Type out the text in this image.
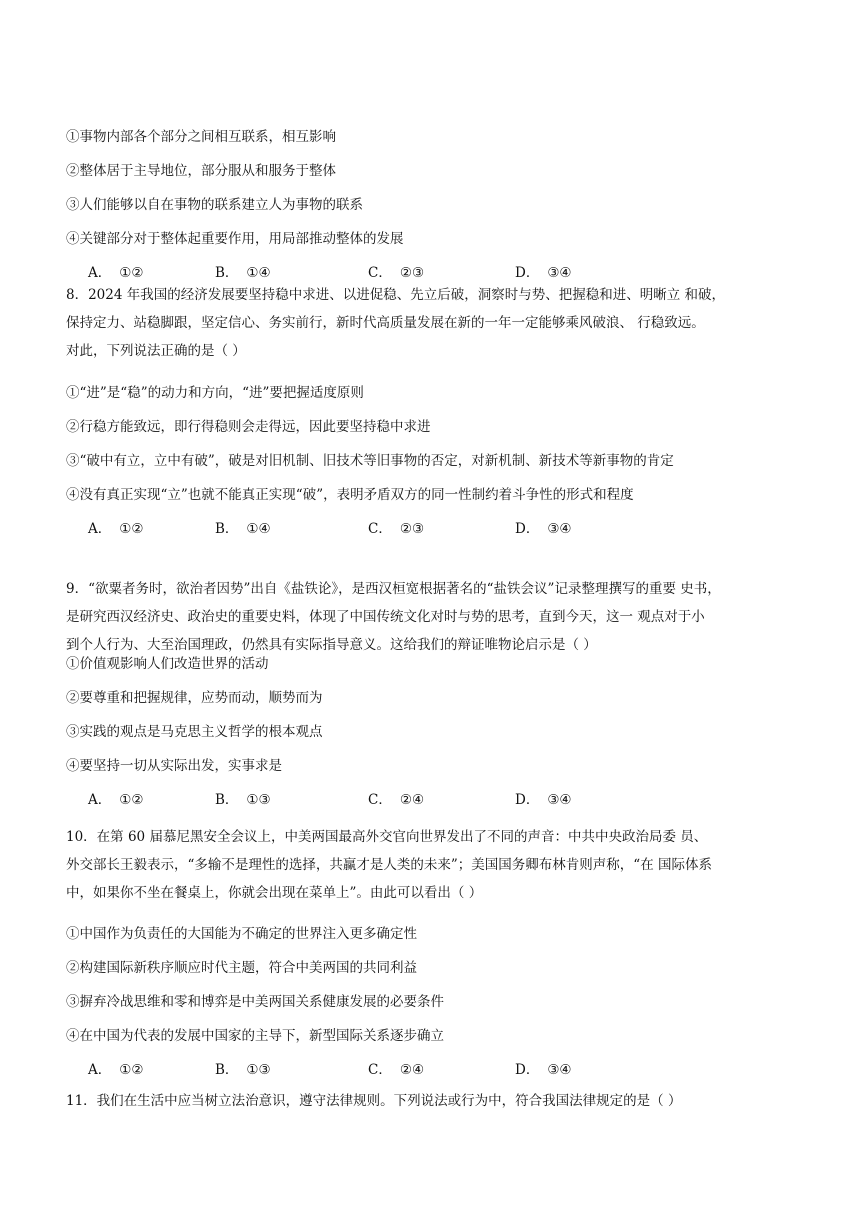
①事物内部各个部分之间相互联系，相互影响
②整体居于主导地位，部分服从和服务于整体
③人们能够以自在事物的联系建立人为事物的联系
④关键部分对于整体起重要作用，用局部推动整体的发展
A． ①②	B． ①④	C． ②③	D． ③④
8．2024 年我国的经济发展要坚持稳中求进、以进促稳、先立后破，洞察时与势、把握稳和进、明晰立 和破，
保持定力、站稳脚跟，坚定信心、务实前行，新时代高质量发展在新的一年一定能够乘风破浪、 行稳致远。
对此，下列说法正确的是（ ）
①“进”是“稳”的动力和方向，“进”要把握适度原则
②行稳方能致远，即行得稳则会走得远，因此要坚持稳中求进
③“破中有立，立中有破”，破是对旧机制、旧技术等旧事物的否定，对新机制、新技术等新事物的肯定
④没有真正实现“立”也就不能真正实现“破”，表明矛盾双方的同一性制约着斗争性的形式和程度
A． ①②	B． ①④	C． ②③	D． ③④
9．“欲粟者务时，欲治者因势”出自《盐铁论》，是西汉桓宽根据著名的“盐铁会议”记录整理撰写的重要 史书，
是研究西汉经济史、政治史的重要史料，体现了中国传统文化对时与势的思考，直到今天，这一 观点对于小
到个人行为、大至治国理政，仍然具有实际指导意义。这给我们的辩证唯物论启示是（ ）
①价值观影响人们改造世界的活动
②要尊重和把握规律，应势而动，顺势而为
③实践的观点是马克思主义哲学的根本观点
④要坚持一切从实际出发，实事求是
A． ①②	B． ①③	C． ②④	D． ③④
10．在第 60 届慕尼黑安全会议上，中美两国最高外交官向世界发出了不同的声音：中共中央政治局委 员、
外交部长王毅表示，“多输不是理性的选择，共赢才是人类的未来”；美国国务卿布林肯则声称，“在 国际体系
中，如果你不坐在餐桌上，你就会出现在菜单上”。由此可以看出（ ）
①中国作为负责任的大国能为不确定的世界注入更多确定性
②构建国际新秩序顺应时代主题，符合中美两国的共同利益
③摒弃冷战思维和零和博弈是中美两国关系健康发展的必要条件
④在中国为代表的发展中国家的主导下，新型国际关系逐步确立
A． ①②	B． ①③	C． ②④	D． ③④
11．我们在生活中应当树立法治意识，遵守法律规则。下列说法或行为中，符合我国法律规定的是（ ）
